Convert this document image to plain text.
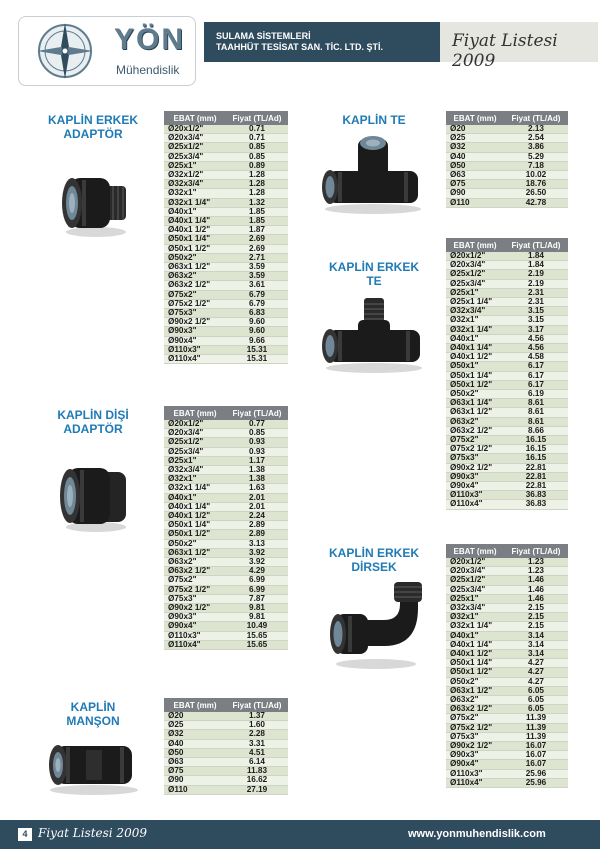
YÖN
Mühendislik
SULAMA SİSTEMLERİ
TAAHHÜT TESİSAT SAN. TİC. LTD. ŞTİ.	Fiyat Listesi 2009
KAPLİN ERKEK
ADAPTÖR
EBAT (mm)	Fiyat (TL/Ad)
Ø20x1/2"	0.71
Ø20x3/4"	0.71
Ø25x1/2"	0.85
Ø25x3/4"	0.85
Ø25x1"	0.89
Ø32x1/2"	1.28
Ø32x3/4"	1.28
Ø32x1"	1.28
Ø32x1 1/4"	1.32
Ø40x1"	1.85
Ø40x1 1/4"	1.85
Ø40x1 1/2"	1.87
Ø50x1 1/4"	2.69
Ø50x1 1/2"	2.69
Ø50x2"	2.71
Ø63x1 1/2"	3.59
Ø63x2"	3.59
Ø63x2 1/2"	3.61
Ø75x2"	6.79
Ø75x2 1/2"	6.79
Ø75x3"	6.83
Ø90x2 1/2"	9.60
Ø90x3"	9.60
Ø90x4"	9.66
Ø110x3"	15.31
Ø110x4"	15.31
KAPLİN DİŞİ
ADAPTÖR
EBAT (mm)	Fiyat (TL/Ad)
Ø20x1/2"	0.77
Ø20x3/4"	0.85
Ø25x1/2"	0.93
Ø25x3/4"	0.93
Ø25x1"	1.17
Ø32x3/4"	1.38
Ø32x1"	1.38
Ø32x1 1/4"	1.63
Ø40x1"	2.01
Ø40x1 1/4"	2.01
Ø40x1 1/2"	2.24
Ø50x1 1/4"	2.89
Ø50x1 1/2"	2.89
Ø50x2"	3.13
Ø63x1 1/2"	3.92
Ø63x2"	3.92
Ø63x2 1/2"	4.29
Ø75x2"	6.99
Ø75x2 1/2"	6.99
Ø75x3"	7.87
Ø90x2 1/2"	9.81
Ø90x3"	9.81
Ø90x4"	10.49
Ø110x3"	15.65
Ø110x4"	15.65
KAPLİN
MANŞON
EBAT (mm)	Fiyat (TL/Ad)
Ø20	1.37
Ø25	1.60
Ø32	2.28
Ø40	3.31
Ø50	4.51
Ø63	6.14
Ø75	11.83
Ø90	16.62
Ø110	27.19
KAPLİN TE	EBAT (mm)	Fiyat (TL/Ad)
Ø20	2.13
Ø25	2.54
Ø32	3.86
Ø40	5.29
Ø50	7.18
Ø63	10.02
Ø75	18.76
Ø90	26.50
Ø110	42.78
KAPLİN ERKEK
TE
EBAT (mm)	Fiyat (TL/Ad)
Ø20x1/2"	1.84
Ø20x3/4"	1.84
Ø25x1/2"	2.19
Ø25x3/4"	2.19
Ø25x1"	2.31
Ø25x1 1/4"	2.31
Ø32x3/4"	3.15
Ø32x1"	3.15
Ø32x1 1/4"	3.17
Ø40x1"	4.56
Ø40x1 1/4"	4.56
Ø40x1 1/2"	4.58
Ø50x1"	6.17
Ø50x1 1/4"	6.17
Ø50x1 1/2"	6.17
Ø50x2"	6.19
Ø63x1 1/4"	8.61
Ø63x1 1/2"	8.61
Ø63x2"	8.61
Ø63x2 1/2"	8.66
Ø75x2"	16.15
Ø75x2 1/2"	16.15
Ø75x3"	16.15
Ø90x2 1/2"	22.81
Ø90x3"	22.81
Ø90x4"	22.81
Ø110x3"	36.83
Ø110x4"	36.83
KAPLİN ERKEK
DİRSEK
EBAT (mm)	Fiyat (TL/Ad)
Ø20x1/2"	1.23
Ø20x3/4"	1.23
Ø25x1/2"	1.46
Ø25x3/4"	1.46
Ø25x1"	1.46
Ø32x3/4"	2.15
Ø32x1"	2.15
Ø32x1 1/4"	2.15
Ø40x1"	3.14
Ø40x1 1/4"	3.14
Ø40x1 1/2"	3.14
Ø50x1 1/4"	4.27
Ø50x1 1/2"	4.27
Ø50x2"	4.27
Ø63x1 1/2"	6.05
Ø63x2"	6.05
Ø63x2 1/2"	6.05
Ø75x2"	11.39
Ø75x2 1/2"	11.39
Ø75x3"	11.39
Ø90x2 1/2"	16.07
Ø90x3"	16.07
Ø90x4"	16.07
Ø110x3"	25.96
Ø110x4"	25.96
4 Fiyat Listesi 2009	www.yonmuhendislik.com
